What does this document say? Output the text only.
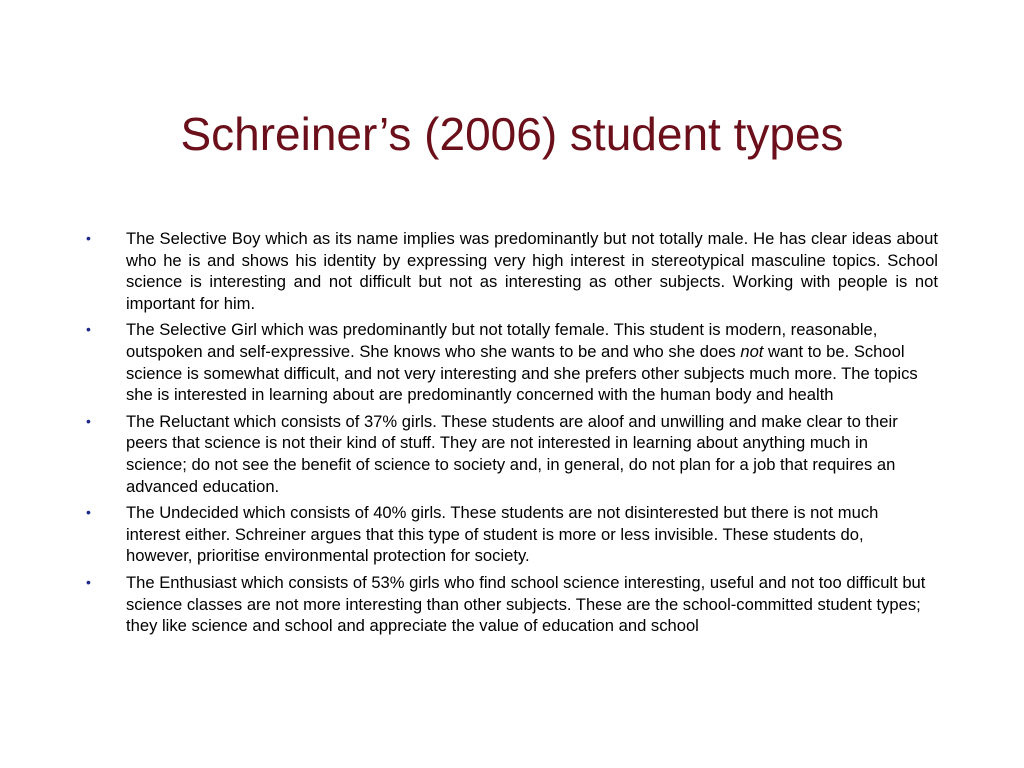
Schreiner’s (2006) student types
•	The Selective Boy which as its name implies was predominantly but not totally male. He has clear ideas about who he is and shows his identity by expressing very high interest in stereotypical masculine topics. School science is interesting and not difficult but not as interesting as other subjects. Working with people is not important for him.
•	The Selective Girl which was predominantly but not totally female. This student is modern, reasonable, outspoken and self-expressive. She knows who she wants to be and who she does not want to be. School science is somewhat difficult, and not very interesting and she prefers other subjects much more. The topics she is interested in learning about are predominantly concerned with the human body and health
•	The Reluctant which consists of 37% girls. These students are aloof and unwilling and make clear to their peers that science is not their kind of stuff. They are not interested in learning about anything much in science; do not see the benefit of science to society and, in general, do not plan for a job that requires an advanced education.
•	The Undecided which consists of 40% girls. These students are not disinterested but there is not much interest either. Schreiner argues that this type of student is more or less invisible. These students do, however, prioritise environmental protection for society.
•	The Enthusiast which consists of 53% girls who find school science interesting, useful and not too difficult but science classes are not more interesting than other subjects. These are the school-committed student types; they like science and school and appreciate the value of education and school
